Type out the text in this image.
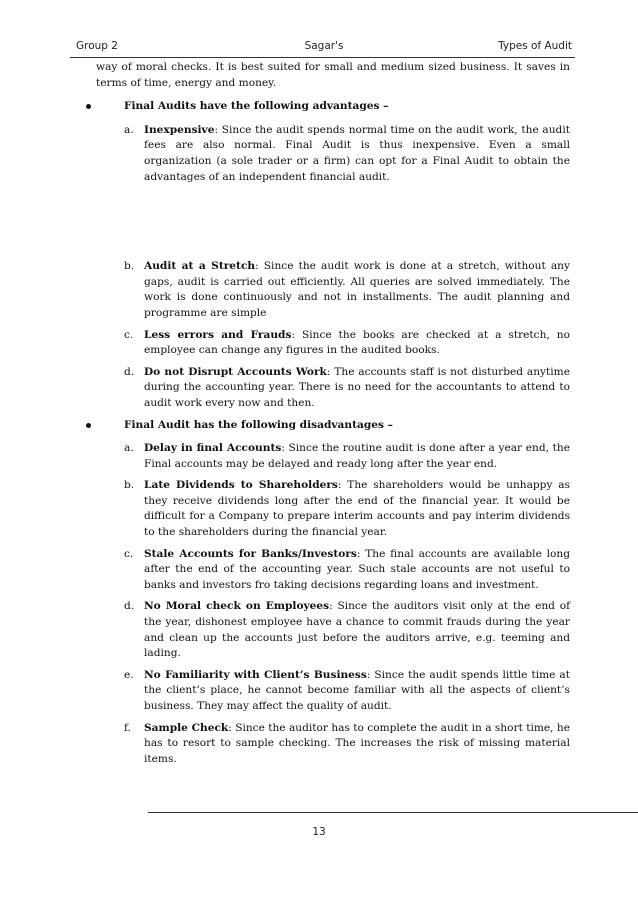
Group 2	Sagar's	Types of Audit

way of moral checks. It is best suited for small and medium sized business. It saves in terms of time, energy and money.

Final Audits have the following advantages –
a. Inexpensive: Since the audit spends normal time on the audit work, the audit fees are also normal. Final Audit is thus inexpensive. Even a small organization (a sole trader or a firm) can opt for a Final Audit to obtain the advantages of an independent financial audit.
b. Audit at a Stretch: Since the audit work is done at a stretch, without any gaps, audit is carried out efficiently. All queries are solved immediately. The work is done continuously and not in installments. The audit planning and programme are simple
c. Less errors and Frauds: Since the books are checked at a stretch, no employee can change any figures in the audited books.
d. Do not Disrupt Accounts Work: The accounts staff is not disturbed anytime during the accounting year. There is no need for the accountants to attend to audit work every now and then.
Final Audit has the following disadvantages –
a. Delay in final Accounts: Since the routine audit is done after a year end, the Final accounts may be delayed and ready long after the year end.
b. Late Dividends to Shareholders: The shareholders would be unhappy as they receive dividends long after the end of the financial year. It would be difficult for a Company to prepare interim accounts and pay interim dividends to the shareholders during the financial year.
c. Stale Accounts for Banks/Investors: The final accounts are available long after the end of the accounting year. Such stale accounts are not useful to banks and investors fro taking decisions regarding loans and investment.
d. No Moral check on Employees: Since the auditors visit only at the end of the year, dishonest employee have a chance to commit frauds during the year and clean up the accounts just before the auditors arrive, e.g. teeming and lading.
e. No Familiarity with Client’s Business: Since the audit spends little time at the client’s place, he cannot become familiar with all the aspects of client’s business. They may affect the quality of audit.
f. Sample Check: Since the auditor has to complete the audit in a short time, he has to resort to sample checking. The increases the risk of missing material items.
13
